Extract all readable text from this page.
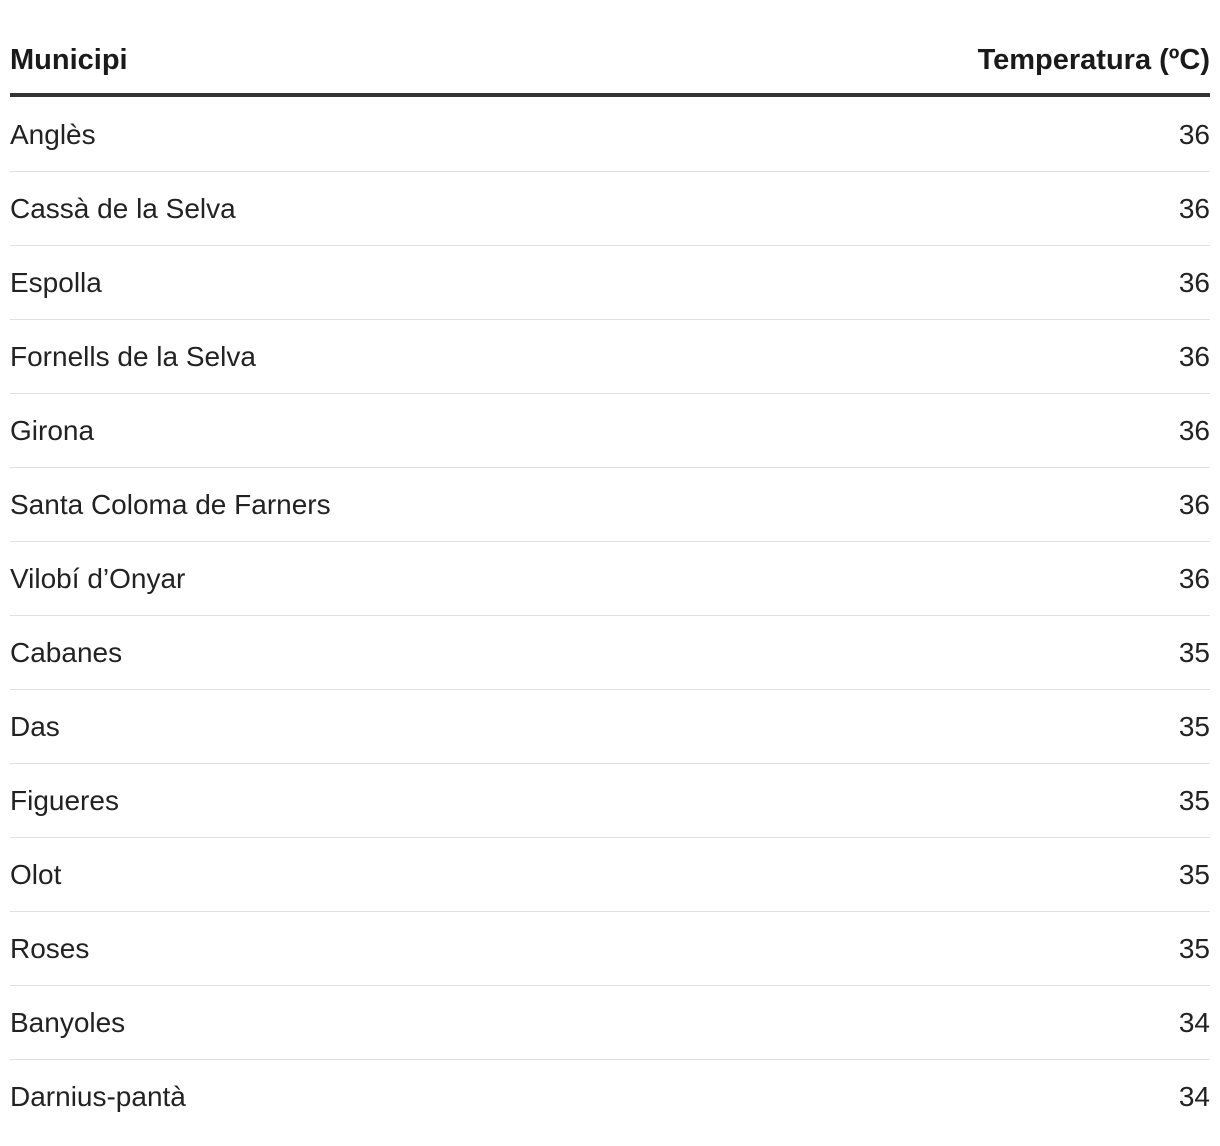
Municipi	Temperatura (ºC)
Anglès	36
Cassà de la Selva	36
Espolla	36
Fornells de la Selva	36
Girona	36
Santa Coloma de Farners	36
Vilobí d’Onyar	36
Cabanes	35
Das	35
Figueres	35
Olot	35
Roses	35
Banyoles	34
Darnius-pantà	34
